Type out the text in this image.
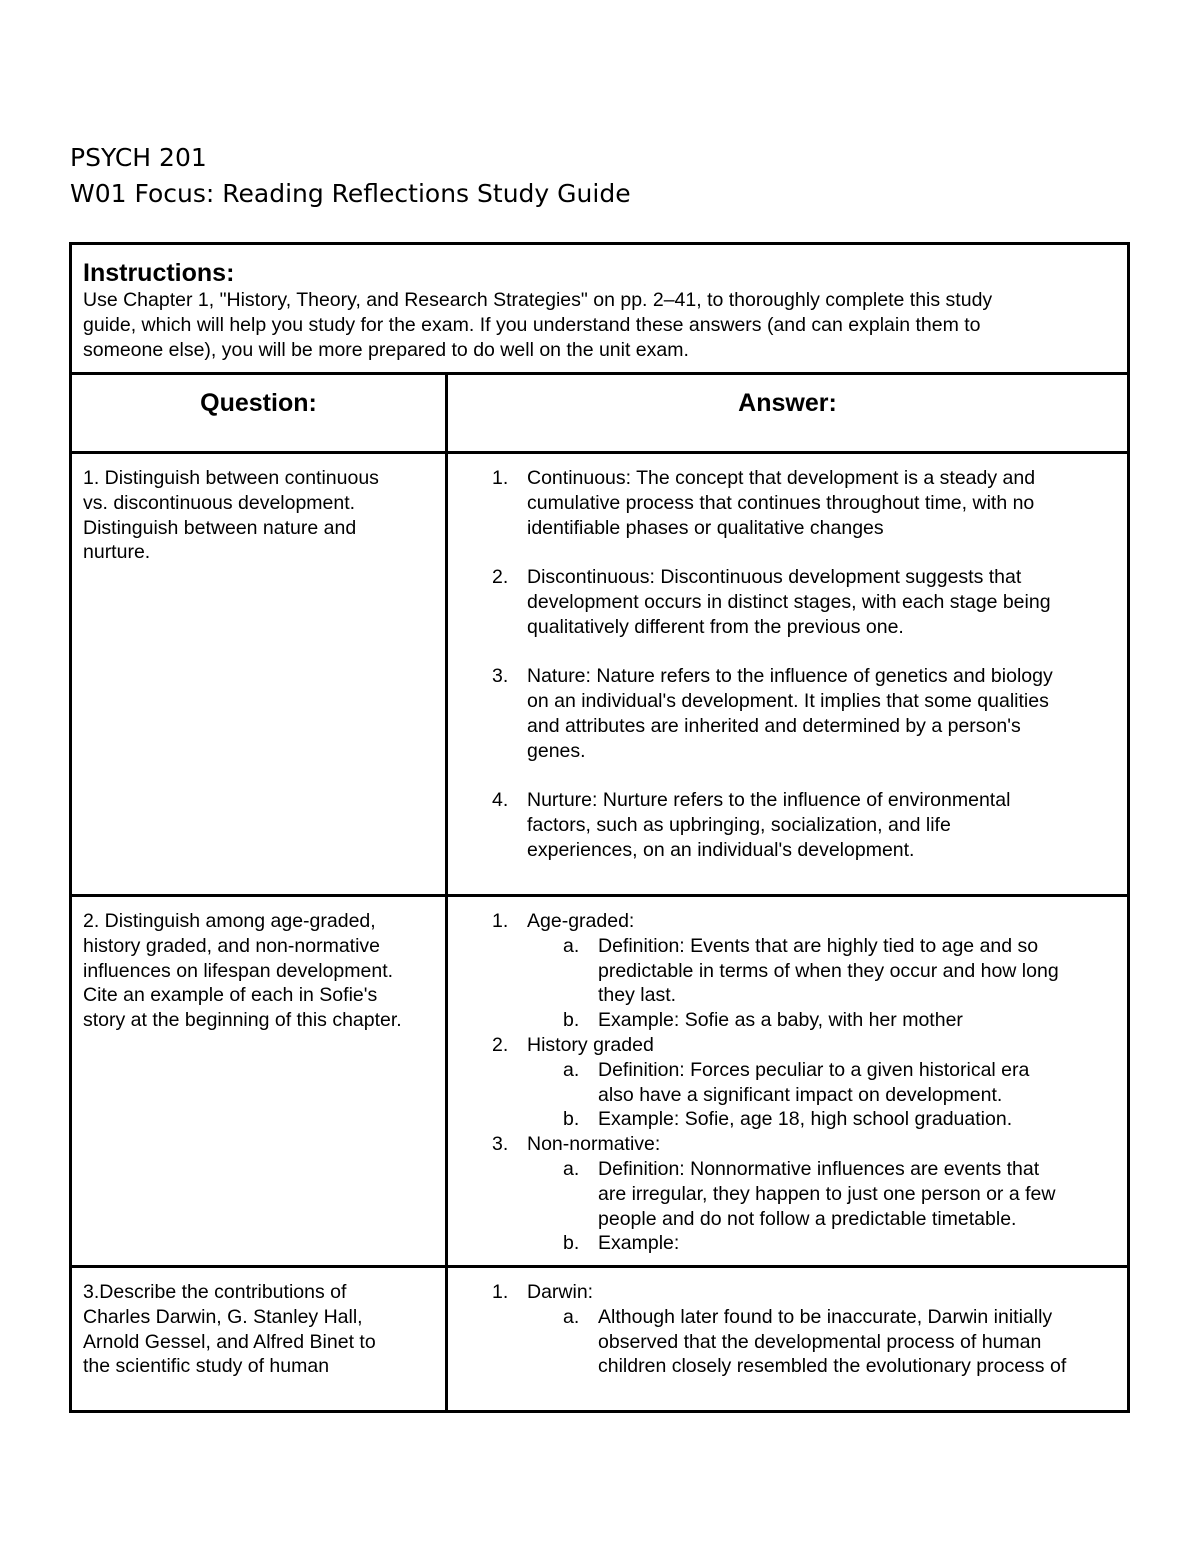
PSYCH 201
W01 Focus: Reading Reflections Study Guide
Instructions:
Use Chapter 1, "History, Theory, and Research Strategies" on pp. 2–41, to thoroughly complete this study
guide, which will help you study for the exam. If you understand these answers (and can explain them to
someone else), you will be more prepared to do well on the unit exam.
Question:	Answer:
1. Distinguish between continuous
vs. discontinuous development.
Distinguish between nature and
nurture.
1. Continuous: The concept that development is a steady and
cumulative process that continues throughout time, with no
identifiable phases or qualitative changes
2. Discontinuous: Discontinuous development suggests that
development occurs in distinct stages, with each stage being
qualitatively different from the previous one.
3. Nature: Nature refers to the influence of genetics and biology
on an individual's development. It implies that some qualities
and attributes are inherited and determined by a person's
genes.
4. Nurture: Nurture refers to the influence of environmental
factors, such as upbringing, socialization, and life
experiences, on an individual's development.
2. Distinguish among age-graded,
history graded, and non-normative
influences on lifespan development.
Cite an example of each in Sofie's
story at the beginning of this chapter.
1. Age-graded:
a. Definition: Events that are highly tied to age and so
predictable in terms of when they occur and how long
they last.
b. Example: Sofie as a baby, with her mother
2. History graded
a. Definition: Forces peculiar to a given historical era
also have a significant impact on development.
b. Example: Sofie, age 18, high school graduation.
3. Non-normative:
a. Definition: Nonnormative influences are events that
are irregular, they happen to just one person or a few
people and do not follow a predictable timetable.
b. Example:
3.Describe the contributions of
Charles Darwin, G. Stanley Hall,
Arnold Gessel, and Alfred Binet to
the scientific study of human
1. Darwin:
a. Although later found to be inaccurate, Darwin initially
observed that the developmental process of human
children closely resembled the evolutionary process of
